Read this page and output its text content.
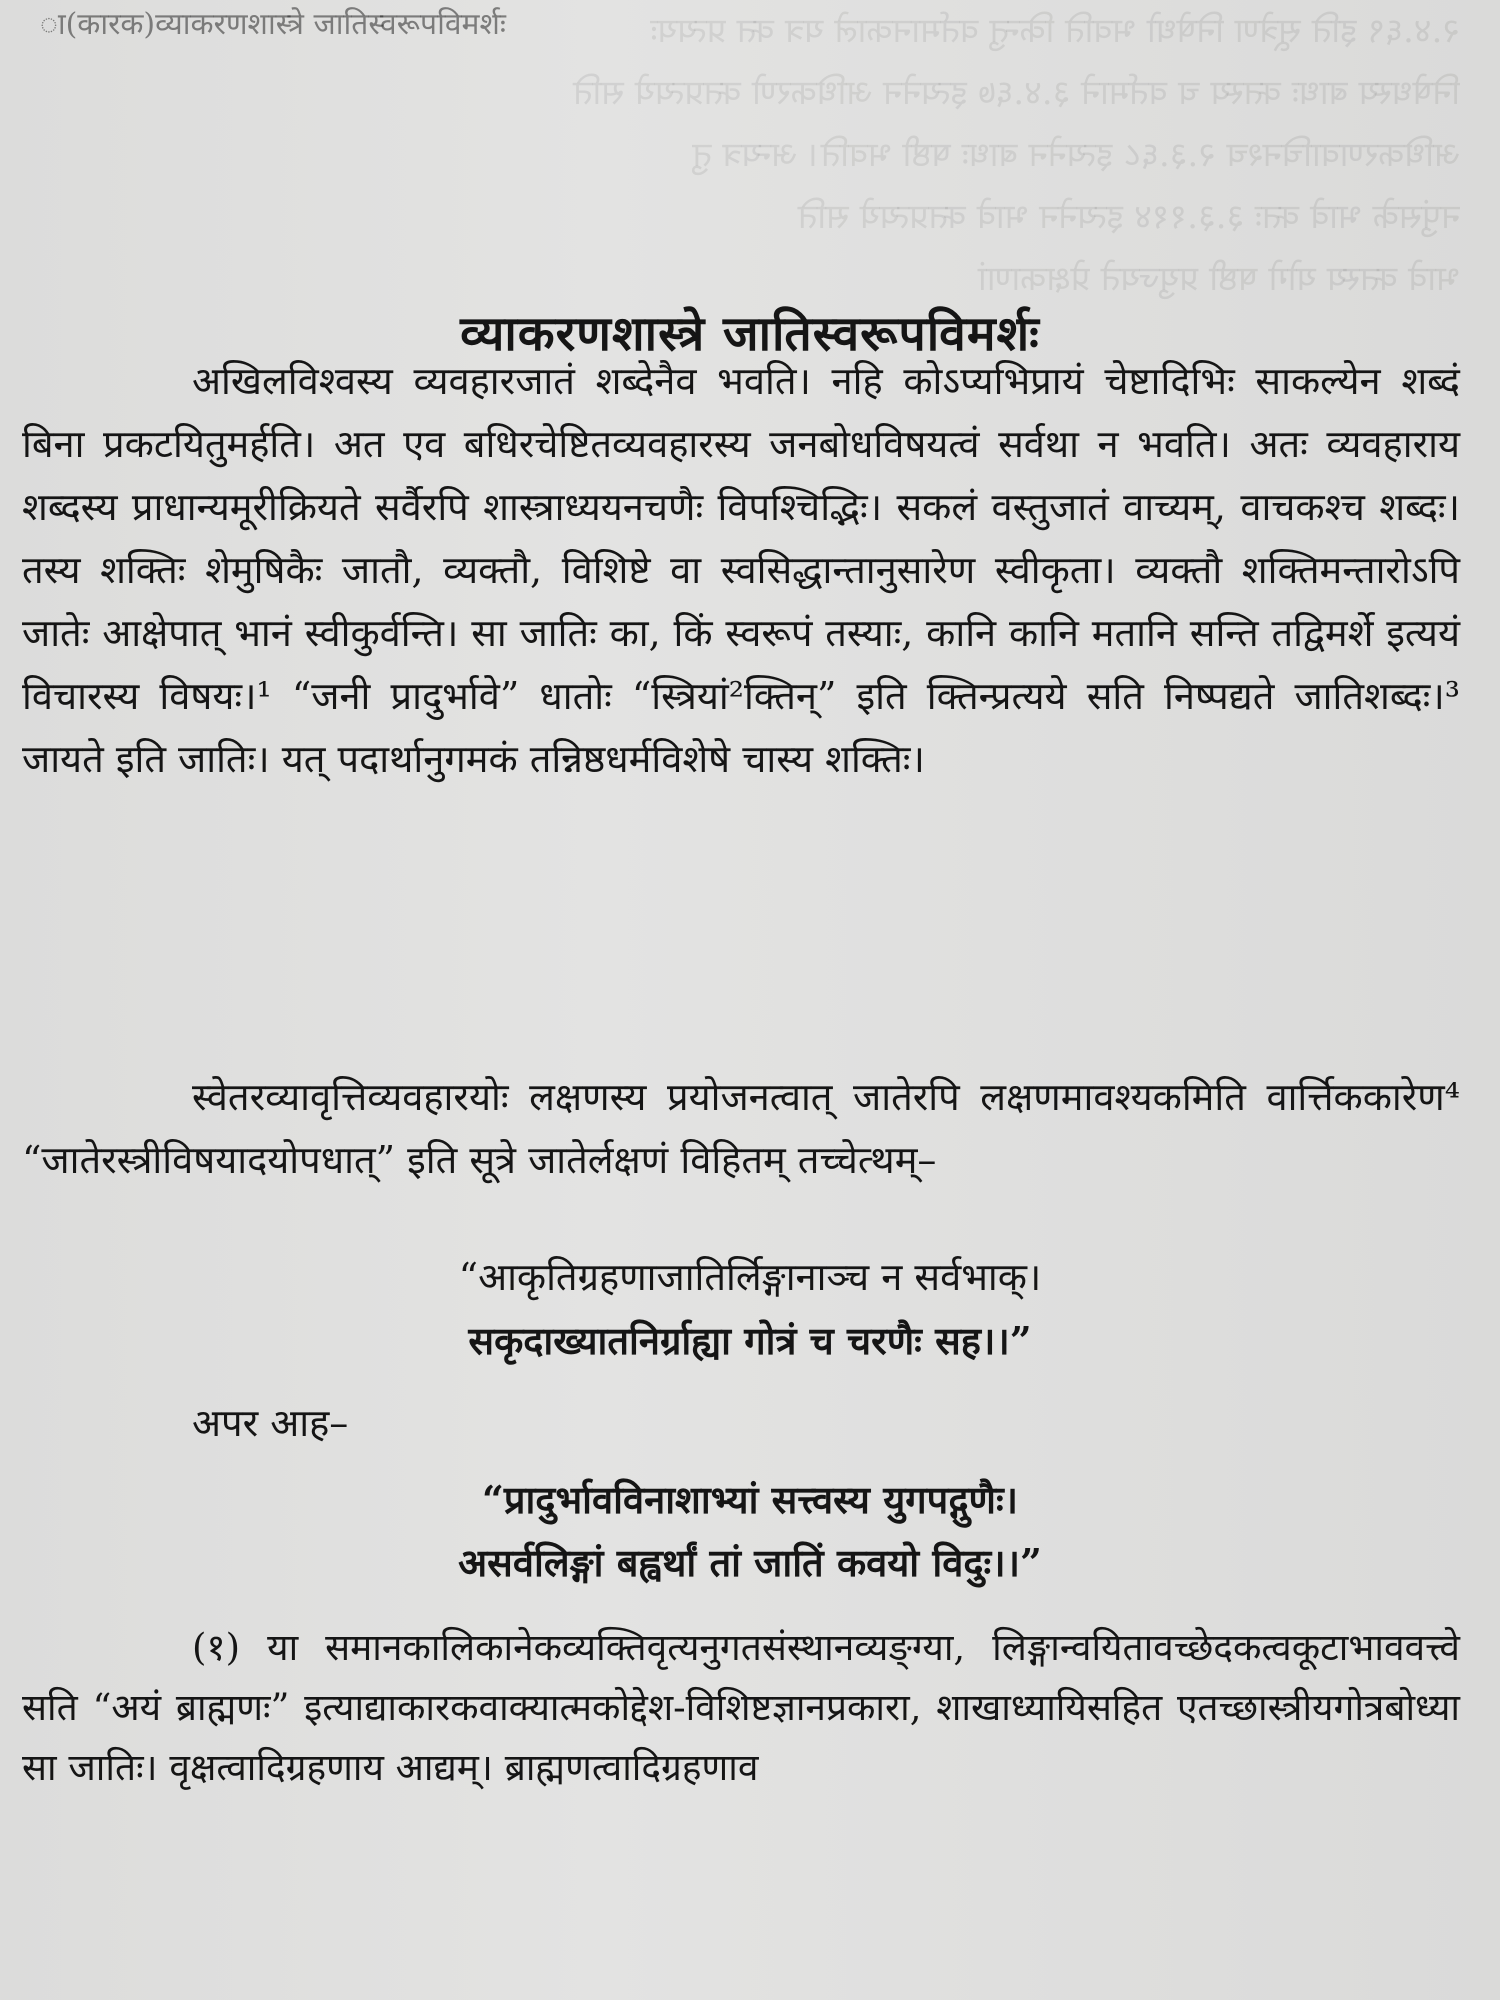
२.४.६९ इति सूत्रेण निषेधो भवति किन्तु वर्तमानकाले यत्र क्त प्रत्ययः
निषेधस्य बाधः क्तस्य च वर्तमाने ३.४.६७ इत्यनेन अधिकरणे क्तप्रत्यये सति
अधिकरणवाचिनश्च २.३.६८ इत्यनेन बाधः षष्ठी भवति। अन्यत्र तु
नपुंसके भावे क्तः ३.३.११४ इत्यनेन भावे क्तप्रत्यये सति
भावे क्तस्य योगे षष्ठी प्रयुज्यते प्रेक्षकाणां
ा(कारक)व्याकरणशास्त्रे जातिस्वरूपविमर्शः
व्याकरणशास्त्रे जातिस्वरूपविमर्शः

अखिलविश्वस्य व्यवहारजातं शब्देनैव भवति। नहि कोऽप्यभिप्रायं चेष्टादिभिः साकल्येन शब्दं बिना प्रकटयितुमर्हति। अत एव बधिरचेष्टितव्यवहारस्य जनबोधविषयत्वं सर्वथा न भवति। अतः व्यवहाराय शब्दस्य प्राधान्यमूरीक्रियते सर्वैरपि शास्त्राध्ययनचणैः विपश्चिद्भिः। सकलं वस्तुजातं वाच्यम्, वाचकश्च शब्दः। तस्य शक्तिः शेमुषिकैः जातौ, व्यक्तौ, विशिष्टे वा स्वसिद्धान्तानुसारेण स्वीकृता। व्यक्तौ शक्तिमन्तारोऽपि जातेः आक्षेपात् भानं स्वीकुर्वन्ति। सा जातिः का, किं स्वरूपं तस्याः, कानि कानि मतानि सन्ति तद्विमर्शे इत्ययं विचारस्य विषयः।¹ “जनी प्रादुर्भावे” धातोः “स्त्रियां²क्तिन्” इति क्तिन्प्रत्यये सति निष्पद्यते जातिशब्दः।³ जायते इति जातिः। यत् पदार्थानुगमकं तन्निष्ठधर्मविशेषे चास्य शक्तिः।

स्वेतरव्यावृत्तिव्यवहारयोः लक्षणस्य प्रयोजनत्वात् जातेरपि लक्षणमावश्यकमिति वार्त्तिककारेण⁴ “जातेरस्त्रीविषयादयोपधात्” इति सूत्रे जातेर्लक्षणं विहितम् तच्चेत्थम्–

“आकृतिग्रहणाजातिर्लिङ्गानाञ्च न सर्वभाक्।
सकृदाख्यातनिर्ग्राह्या गोत्रं च चरणैः सह।।”

अपर आह–

“प्रादुर्भावविनाशाभ्यां सत्त्वस्य युगपद्गुणैः।
असर्वलिङ्गां बह्वर्थां तां जातिं कवयो विदुः।।”

(१) या समानकालिकानेकव्यक्तिवृत्यनुगतसंस्थानव्यङ्ग्या, लिङ्गान्वयितावच्छेदकत्वकूटाभाववत्त्वे सति “अयं ब्राह्मणः” इत्याद्याकारकवाक्यात्मकोद्देश-विशिष्टज्ञानप्रकारा, शाखाध्यायिसहित एतच्छास्त्रीयगोत्रबोध्या सा जातिः। वृक्षत्वादिग्रहणाय आद्यम्। ब्राह्मणत्वादिग्रहणाव
